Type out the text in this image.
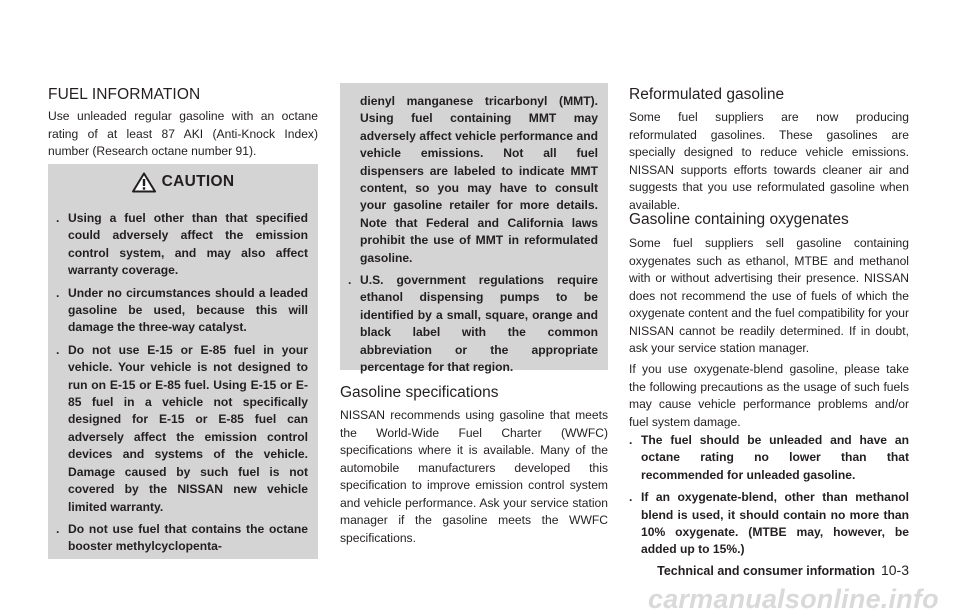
FUEL INFORMATION

Use unleaded regular gasoline with an octane rating of at least 87 AKI (Anti-Knock Index) number (Research octane number 91).

CAUTION
. Using a fuel other than that specified could adversely affect the emission control system, and may also affect warranty coverage.
. Under no circumstances should a leaded gasoline be used, because this will damage the three-way catalyst.
. Do not use E-15 or E-85 fuel in your vehicle. Your vehicle is not designed to run on E-15 or E-85 fuel. Using E-15 or E-85 fuel in a vehicle not specifically designed for E-15 or E-85 fuel can adversely affect the emission control devices and systems of the vehicle. Damage caused by such fuel is not covered by the NISSAN new vehicle limited warranty.
. Do not use fuel that contains the octane booster methylcyclopenta-
dienyl manganese tricarbonyl (MMT). Using fuel containing MMT may adversely affect vehicle performance and vehicle emissions. Not all fuel dispensers are labeled to indicate MMT content, so you may have to consult your gasoline retailer for more details. Note that Federal and California laws prohibit the use of MMT in reformulated gasoline.
. U.S. government regulations require ethanol dispensing pumps to be identified by a small, square, orange and black label with the common abbreviation or the appropriate percentage for that region.
Gasoline specifications

NISSAN recommends using gasoline that meets the World-Wide Fuel Charter (WWFC) specifications where it is available. Many of the automobile manufacturers developed this specification to improve emission control system and vehicle performance. Ask your service station manager if the gasoline meets the WWFC specifications.

Reformulated gasoline

Some fuel suppliers are now producing reformulated gasolines. These gasolines are specially designed to reduce vehicle emissions. NISSAN supports efforts towards cleaner air and suggests that you use reformulated gasoline when available.

Gasoline containing oxygenates

Some fuel suppliers sell gasoline containing oxygenates such as ethanol, MTBE and methanol with or without advertising their presence. NISSAN does not recommend the use of fuels of which the oxygenate content and the fuel compatibility for your NISSAN cannot be readily determined. If in doubt, ask your service station manager.

If you use oxygenate-blend gasoline, please take the following precautions as the usage of such fuels may cause vehicle performance problems and/or fuel system damage.

. The fuel should be unleaded and have an octane rating no lower than that recommended for unleaded gasoline.
. If an oxygenate-blend, other than methanol blend is used, it should contain no more than 10% oxygenate. (MTBE may, however, be added up to 15%.)
Technical and consumer information 10-3
carmanualsonline.info
